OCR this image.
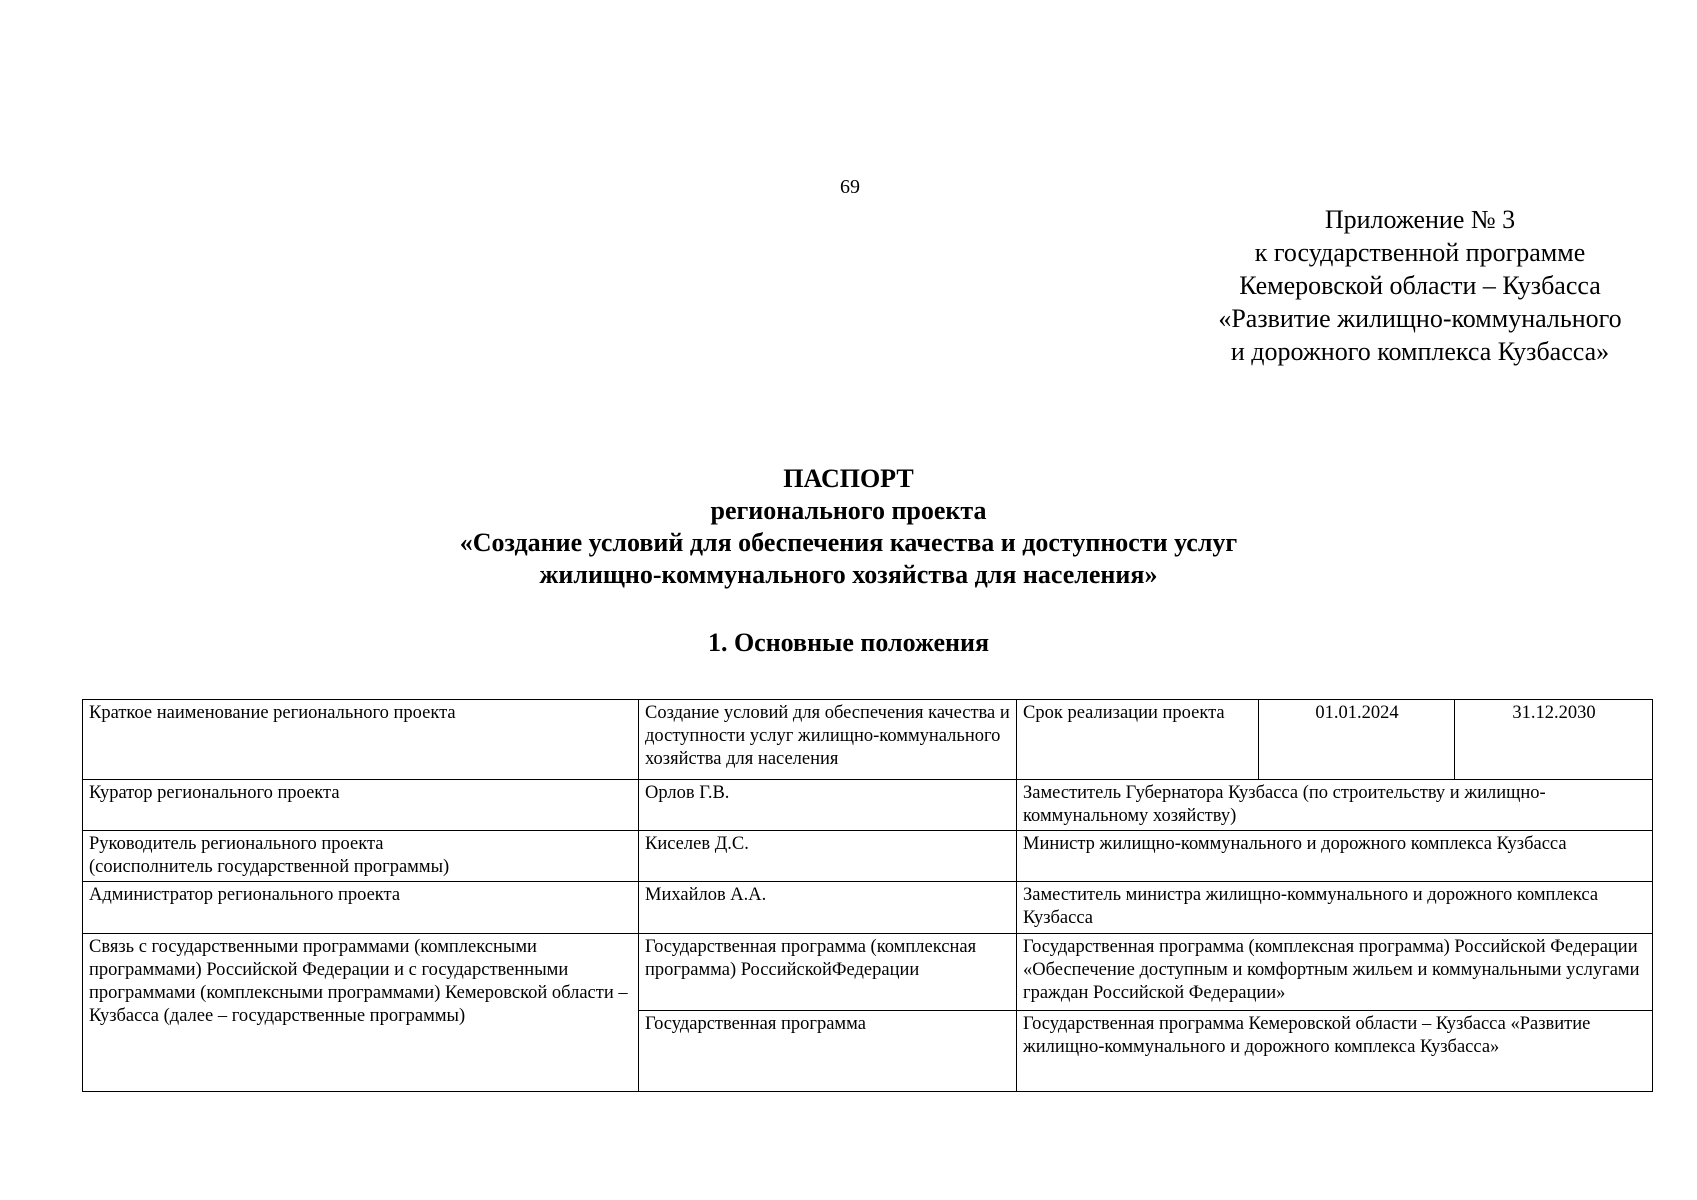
69
Приложение № 3
к государственной программе
Кемеровской области – Кузбасса
«Развитие жилищно-коммунального
и дорожного комплекса Кузбасса»
ПАСПОРТ
регионального проекта
«Создание условий для обеспечения качества и доступности услуг
жилищно-коммунального хозяйства для населения»
1. Основные положения
Краткое наименование регионального проекта	Создание условий для обеспечения качества и доступности услуг жилищно-коммунального хозяйства для населения	Срок реализации проекта	01.01.2024	31.12.2030
Куратор регионального проекта	Орлов Г.В.	Заместитель Губернатора Кузбасса (по строительству и жилищно-коммунальному хозяйству)		

Руководитель регионального проекта
(соисполнитель государственной программы)	Киселев Д.С.	Министр жилищно-коммунального и дорожного комплекса Кузбасса		
Администратор регионального проекта	Михайлов А.А.	Заместитель министра жилищно-коммунального и дорожного комплекса Кузбасса		
Связь с государственными программами (комплексными программами) Российской Федерации и с государственными программами (комплексными программами) Кемеровской области – Кузбасса (далее – государственные программы)	Государственная программа (комплексная программа) РоссийскойФедерации	Государственная программа (комплексная программа) Российской Федерации «Обеспечение доступным и комфортным жильем и коммунальными услугами граждан Российской Федерации»		
	Государственная программа	Государственная программа Кемеровской области – Кузбасса «Развитие жилищно-коммунального и дорожного комплекса Кузбасса»		
